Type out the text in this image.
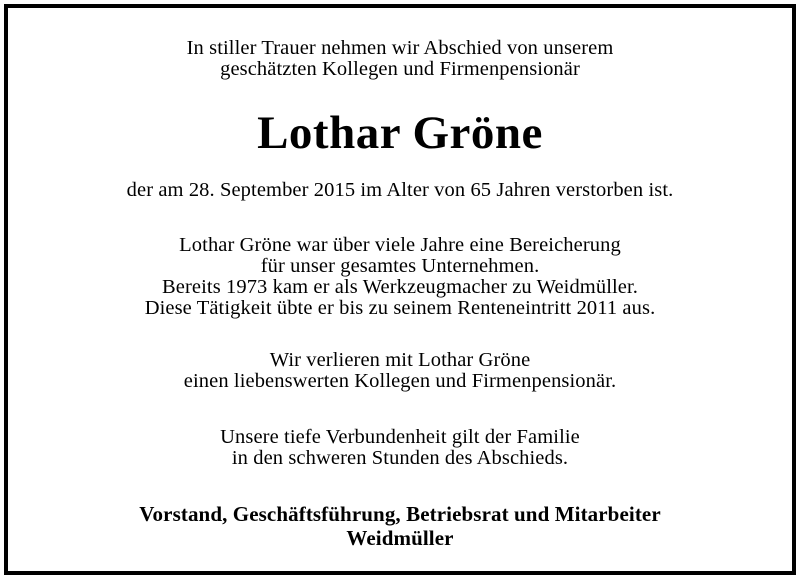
In stiller Trauer nehmen wir Abschied von unserem
geschätzten Kollegen und Firmenpensionär
Lothar Gröne
der am 28. September 2015 im Alter von 65 Jahren verstorben ist.
Lothar Gröne war über viele Jahre eine Bereicherung
für unser gesamtes Unternehmen.
Bereits 1973 kam er als Werkzeugmacher zu Weidmüller.
Diese Tätigkeit übte er bis zu seinem Renteneintritt 2011 aus.
Wir verlieren mit Lothar Gröne
einen liebenswerten Kollegen und Firmenpensionär.
Unsere tiefe Verbundenheit gilt der Familie
in den schweren Stunden des Abschieds.
Vorstand, Geschäftsführung, Betriebsrat und Mitarbeiter
Weidmüller
